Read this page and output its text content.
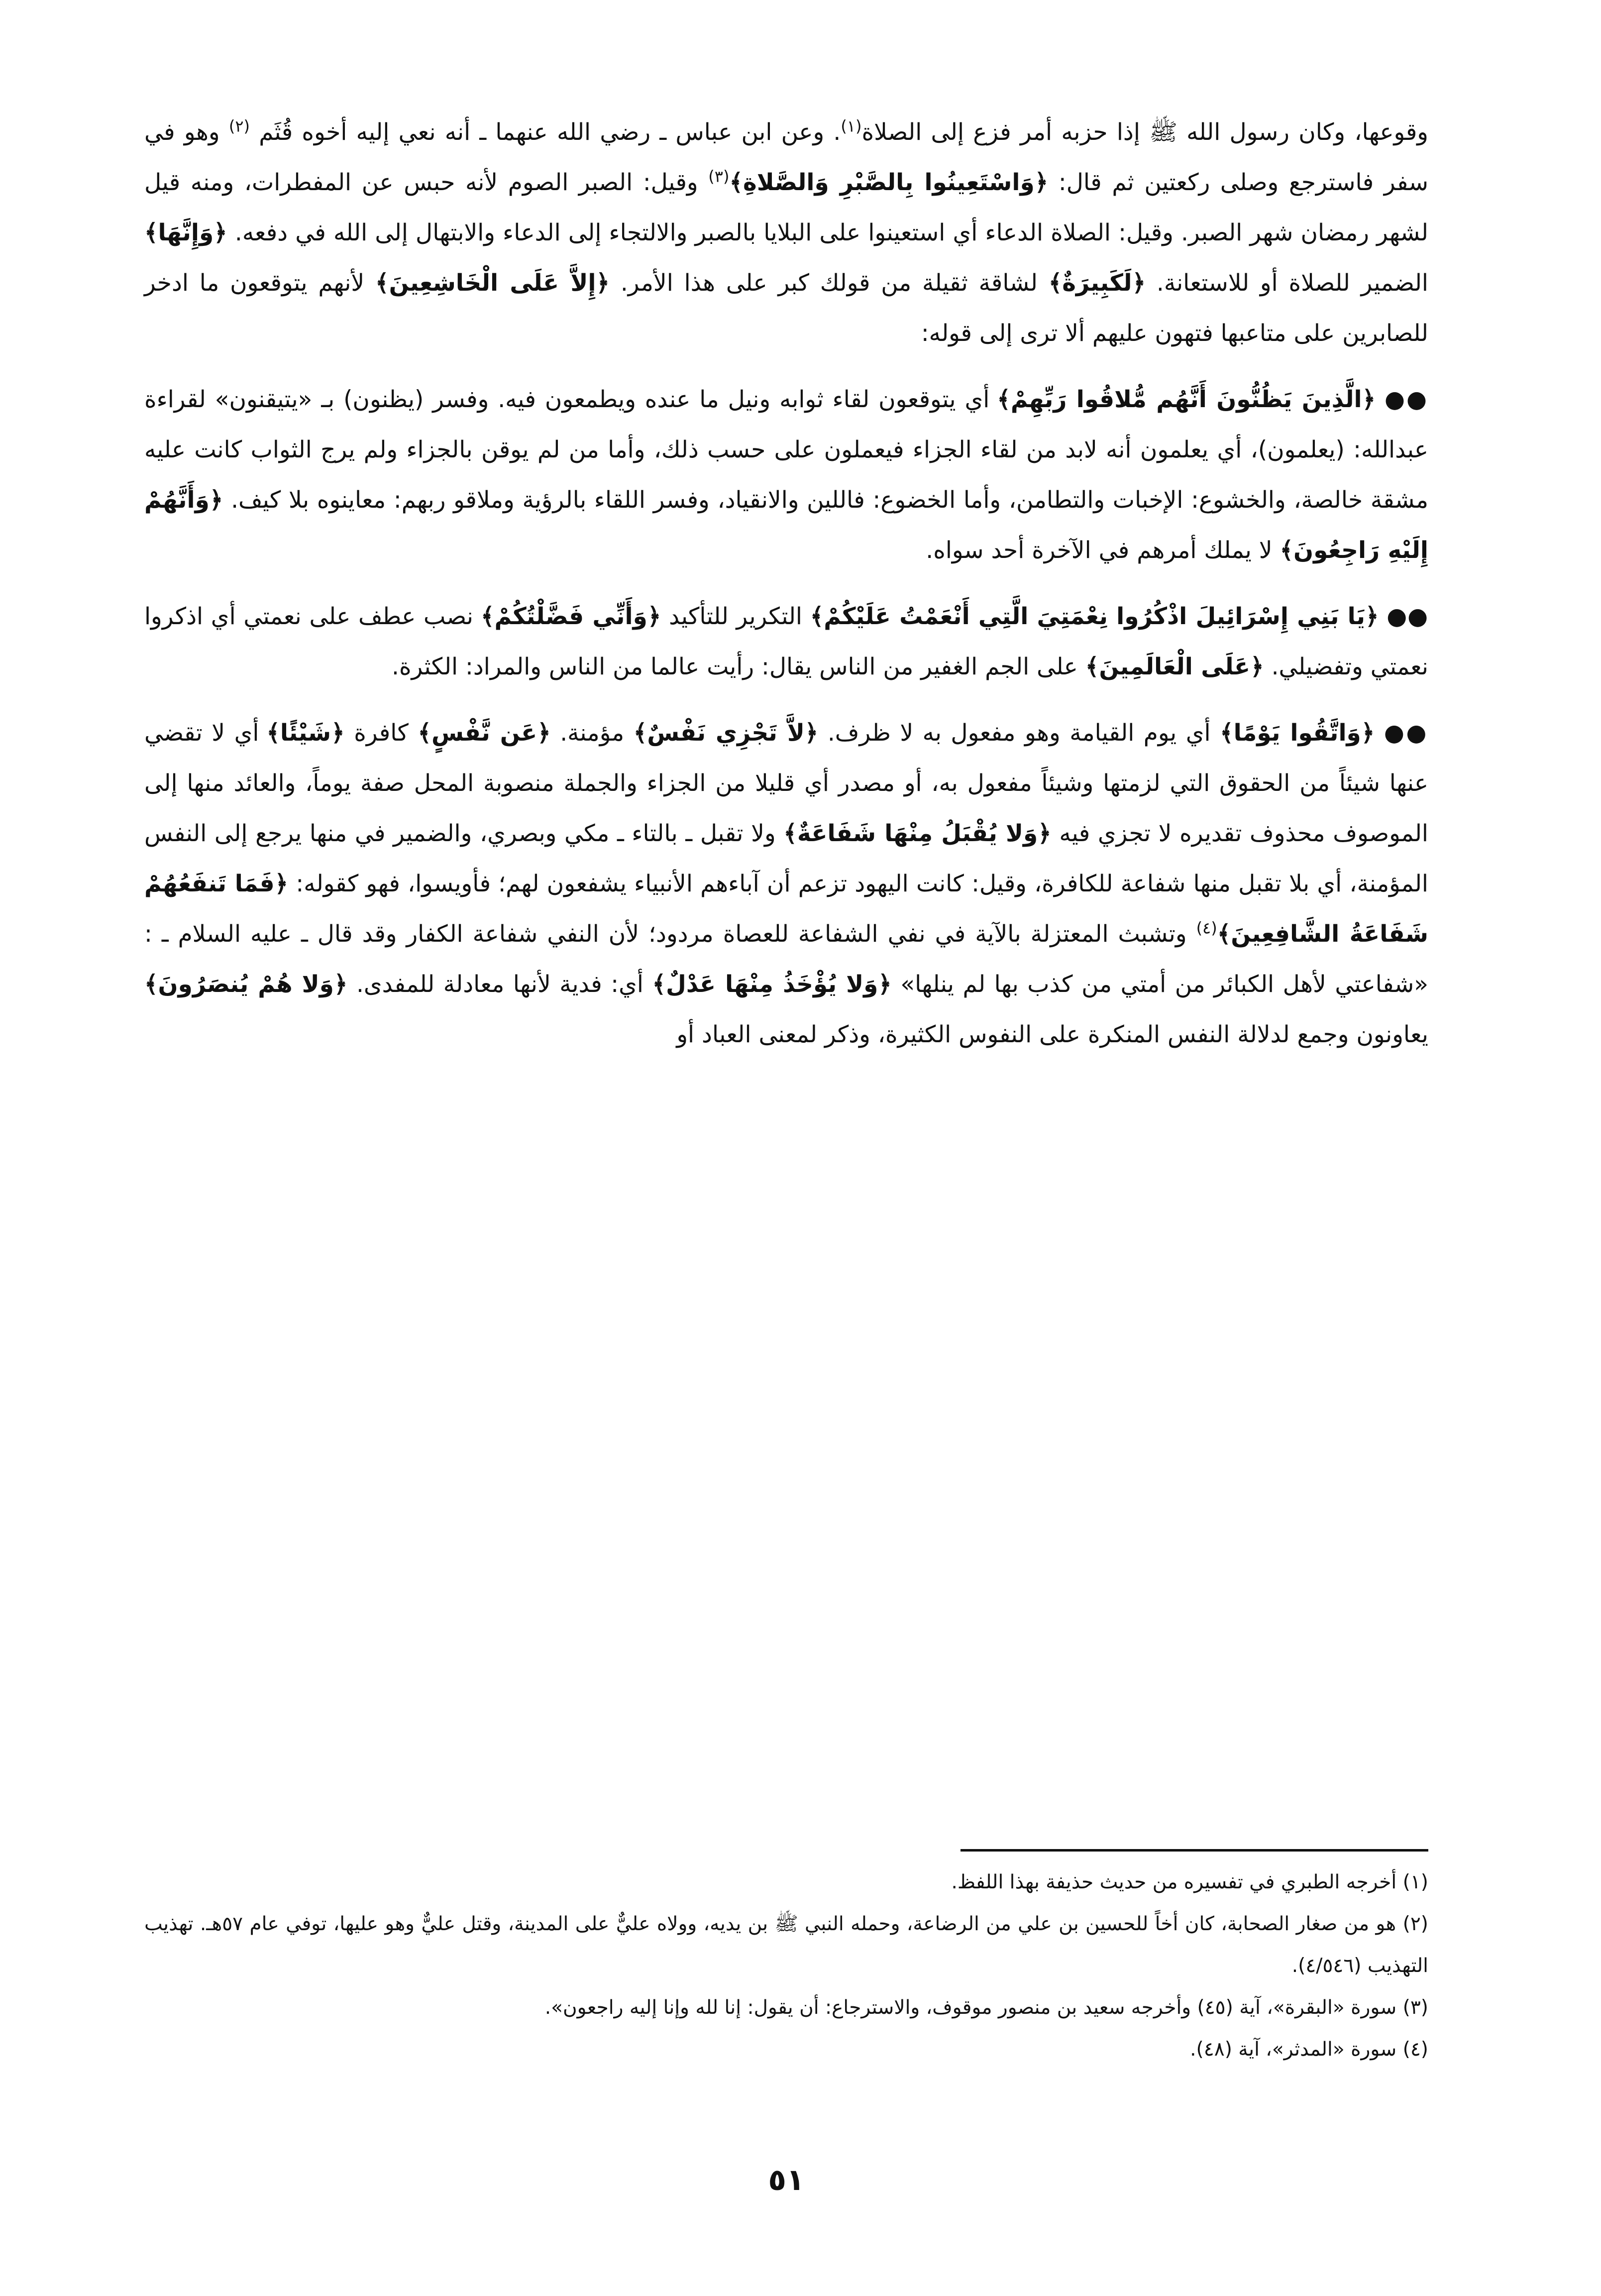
وقوعها، وكان رسول الله ﷺ إذا حزبه أمر فزع إلى الصلاة$^{(١)}$. وعن ابن عباس ـ رضي الله عنهما ـ أنه نعي إليه أخوه قُثَم $^{(٢)}$ وهو في سفر فاسترجع وصلى ركعتين ثم قال: ﴿وَاسْتَعِينُوا بِالصَّبْرِ وَالصَّلاةِ﴾$^{(٣)}$ وقيل: الصبر الصوم لأنه حبس عن المفطرات، ومنه قيل لشهر رمضان شهر الصبر. وقيل: الصلاة الدعاء أي استعينوا على البلايا بالصبر والالتجاء إلى الدعاء والابتهال إلى الله في دفعه. ﴿وَإِنَّهَا﴾ الضمير للصلاة أو للاستعانة. ﴿لَكَبِيرَةٌ﴾ لشاقة ثقيلة من قولك كبر على هذا الأمر. ﴿إِلاَّ عَلَى الْخَاشِعِينَ﴾ لأنهم يتوقعون ما ادخر للصابرين على متاعبها فتهون عليهم ألا ترى إلى قوله:

●● ﴿الَّذِينَ يَظُنُّونَ أَنَّهُم مُّلاقُوا رَبِّهِمْ﴾ أي يتوقعون لقاء ثوابه ونيل ما عنده ويطمعون فيه. وفسر (يظنون) بـ «يتيقنون» لقراءة عبدالله: (يعلمون)، أي يعلمون أنه لابد من لقاء الجزاء فيعملون على حسب ذلك، وأما من لم يوقن بالجزاء ولم يرج الثواب كانت عليه مشقة خالصة، والخشوع: الإخبات والتطامن، وأما الخضوع: فاللين والانقياد، وفسر اللقاء بالرؤية وملاقو ربهم: معاينوه بلا كيف. ﴿وَأَنَّهُمْ إِلَيْهِ رَاجِعُونَ﴾ لا يملك أمرهم في الآخرة أحد سواه.

●● ﴿يَا بَنِي إِسْرَائِيلَ اذْكُرُوا نِعْمَتِيَ الَّتِي أَنْعَمْتُ عَلَيْكُمْ﴾ التكرير للتأكيد ﴿وَأَنِّي فَضَّلْتُكُمْ﴾ نصب عطف على نعمتي أي اذكروا نعمتي وتفضيلي. ﴿عَلَى الْعَالَمِينَ﴾ على الجم الغفير من الناس يقال: رأيت عالما من الناس والمراد: الكثرة.

●● ﴿وَاتَّقُوا يَوْمًا﴾ أي يوم القيامة وهو مفعول به لا ظرف. ﴿لاَّ تَجْزِي نَفْسٌ﴾ مؤمنة. ﴿عَن نَّفْسٍ﴾ كافرة ﴿شَيْئًا﴾ أي لا تقضي عنها شيئاً من الحقوق التي لزمتها وشيئاً مفعول به، أو مصدر أي قليلا من الجزاء والجملة منصوبة المحل صفة يوماً، والعائد منها إلى الموصوف محذوف تقديره لا تجزي فيه ﴿وَلا يُقْبَلُ مِنْهَا شَفَاعَةٌ﴾ ولا تقبل ـ بالتاء ـ مكي وبصري، والضمير في منها يرجع إلى النفس المؤمنة، أي بلا تقبل منها شفاعة للكافرة، وقيل: كانت اليهود تزعم أن آباءهم الأنبياء يشفعون لهم؛ فأويسوا، فهو كقوله: ﴿فَمَا تَنفَعُهُمْ شَفَاعَةُ الشَّافِعِينَ﴾$^{(٤)}$ وتشبث المعتزلة بالآية في نفي الشفاعة للعصاة مردود؛ لأن النفي شفاعة الكفار وقد قال ـ عليه السلام ـ : «شفاعتي لأهل الكبائر من أمتي من كذب بها لم ينلها» ﴿وَلا يُؤْخَذُ مِنْهَا عَدْلٌ﴾ أي: فدية لأنها معادلة للمفدى. ﴿وَلا هُمْ يُنصَرُونَ﴾ يعاونون وجمع لدلالة النفس المنكرة على النفوس الكثيرة، وذكر لمعنى العباد أو

(١) أخرجه الطبري في تفسيره من حديث حذيفة بهذا اللفظ.

(٢) هو من صغار الصحابة، كان أخاً للحسين بن علي من الرضاعة، وحمله النبي ﷺ بن يديه، وولاه عليٌّ على المدينة، وقتل عليٌّ وهو عليها، توفي عام ٥٧هـ. تهذيب التهذيب (٤/٥٤٦).

(٣) سورة «البقرة»، آية (٤٥) وأخرجه سعيد بن منصور موقوف، والاسترجاع: أن يقول: إنا لله وإنا إليه راجعون».

(٤) سورة «المدثر»، آية (٤٨).

٥١
